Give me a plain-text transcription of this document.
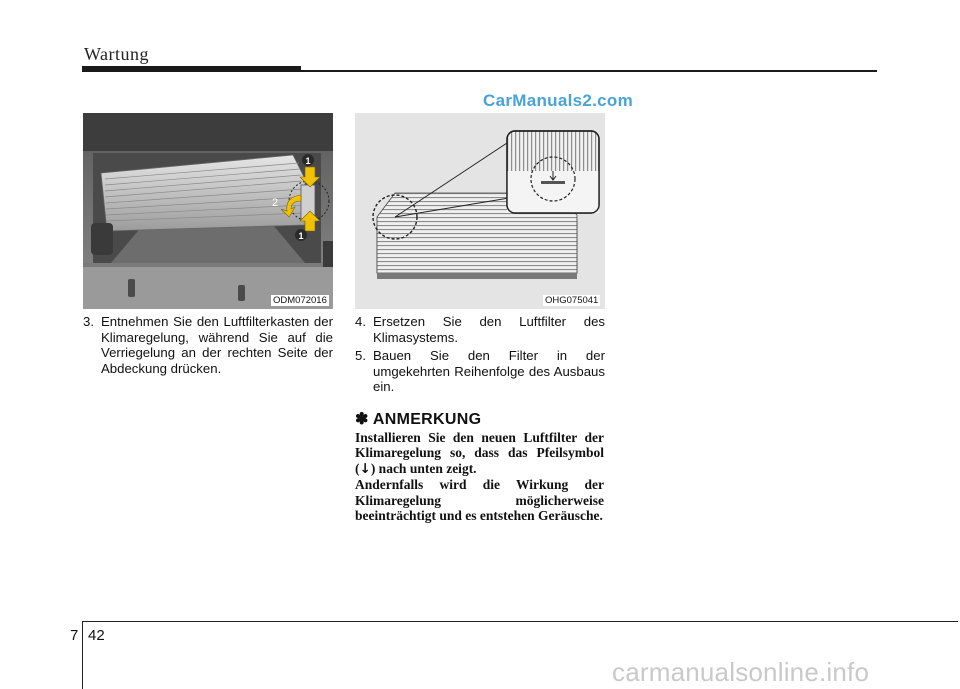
Wartung
CarManuals2.com
1
2
1
ODM072016	OHG075041
3. Entnehmen Sie den Luftfilterkasten der Klimaregelung, während Sie auf die Verriegelung an der rechten Seite der Abdeckung drücken.
4. Ersetzen Sie den Luftfilter des Klimasystems.
5. Bauen Sie den Filter in der umgekehrten Reihenfolge des Ausbaus ein.
✽ ANMERKUNG
Installieren Sie den neuen Luftfilter der Klimaregelung so, dass das Pfeilsymbol (↓) nach unten zeigt.
Andernfalls wird die Wirkung der Klimaregelung möglicherweise beeinträchtigt und es entstehen Geräusche.
7 42
carmanualsonline.info
